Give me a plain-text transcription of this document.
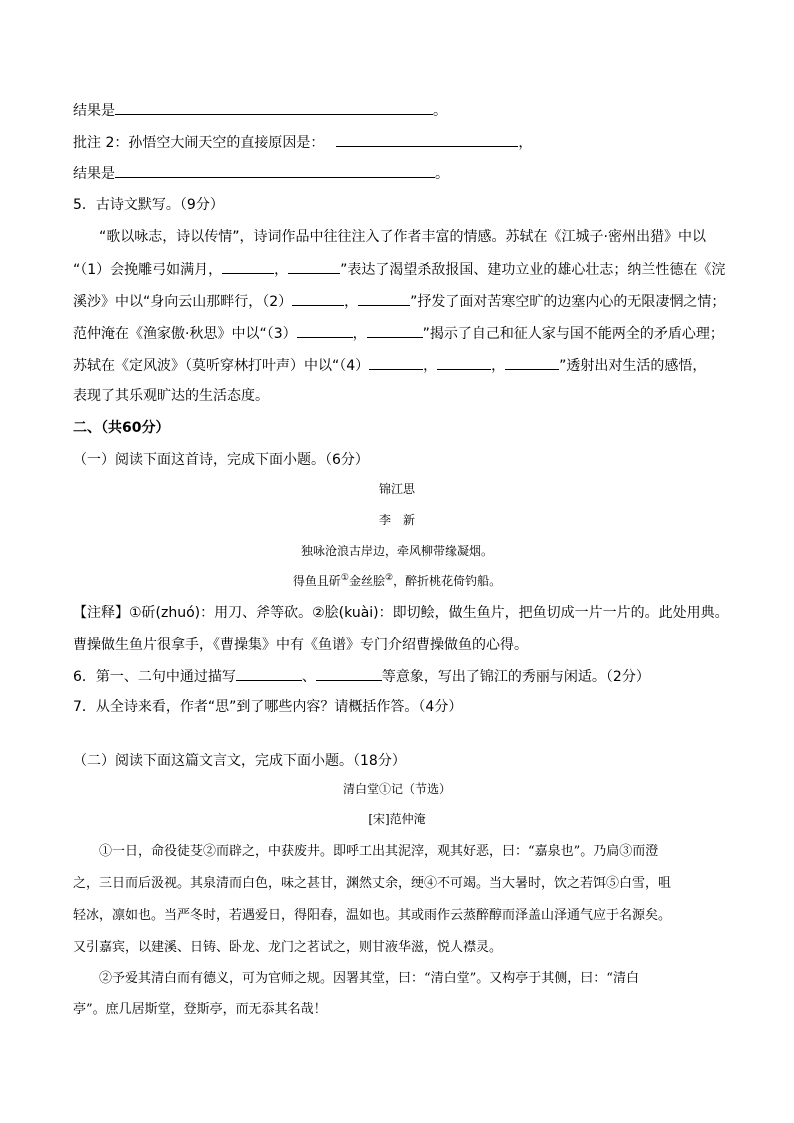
结果是	。
批注 2：孙悟空大闹天空的直接原因是：	，
结果是	。
5．古诗文默写。（9分）
“歌以咏志，诗以传情”，诗词作品中往往注入了作者丰富的情感。苏轼在《江城子·密州出猎》中以
“（1）会挽雕弓如满月，	，	”表达了渴望杀敌报国、建功立业的雄心壮志；纳兰性德在《浣
溪沙》中以“身向云山那畔行，（2）	，	”抒发了面对苦寒空旷的边塞内心的无限凄惘之情；
范仲淹在《渔家傲·秋思》中以“（3）	，	”揭示了自己和征人家与国不能两全的矛盾心理；
苏轼在《定风波》（莫听穿林打叶声）中以“（4）	，	，	”透射出对生活的感悟，
表现了其乐观旷达的生活态度。
二、（共60分）
（一）阅读下面这首诗，完成下面小题。（6分）
锦江思
李　新
独咏沧浪古岸边，牵风柳带缘凝烟。
得鱼且斫①金丝脍②，醉折桃花倚钓船。
【注释】①斫(zhuó)：用刀、斧等砍。②脍(kuài)：即切鲙，做生鱼片，把鱼切成一片一片的。此处用典。
曹操做生鱼片很拿手，《曹操集》中有《鱼谱》专门介绍曹操做鱼的心得。
6．第一、二句中通过描写	、	等意象，写出了锦江的秀丽与闲适。（2分）
7．从全诗来看，作者“思”到了哪些内容？请概括作答。（4分）
（二）阅读下面这篇文言文，完成下面小题。（18分）
清白堂①记（节选）
[宋]范仲淹
①一日，命役徒芟②而辟之，中获废井。即呼工出其泥滓，观其好恶，曰：“嘉泉也”。乃扃③而澄
之，三日而后汲视。其泉清而白色，味之甚甘，渊然丈余，绠④不可竭。当大暑时，饮之若饵⑤白雪，咀
轻冰，凛如也。当严冬时，若遇爱日，得阳春，温如也。其或雨作云蒸醉醇而泽盖山泽通气应于名源矣。
又引嘉宾，以建溪、日铸、卧龙、龙门之茗试之，则甘液华滋，悦人襟灵。
②予爱其清白而有德义，可为官师之规。因署其堂，曰：“清白堂”。又构亭于其侧，曰：“清白
亭”。庶几居斯堂，登斯亭，而无忝其名哉！
